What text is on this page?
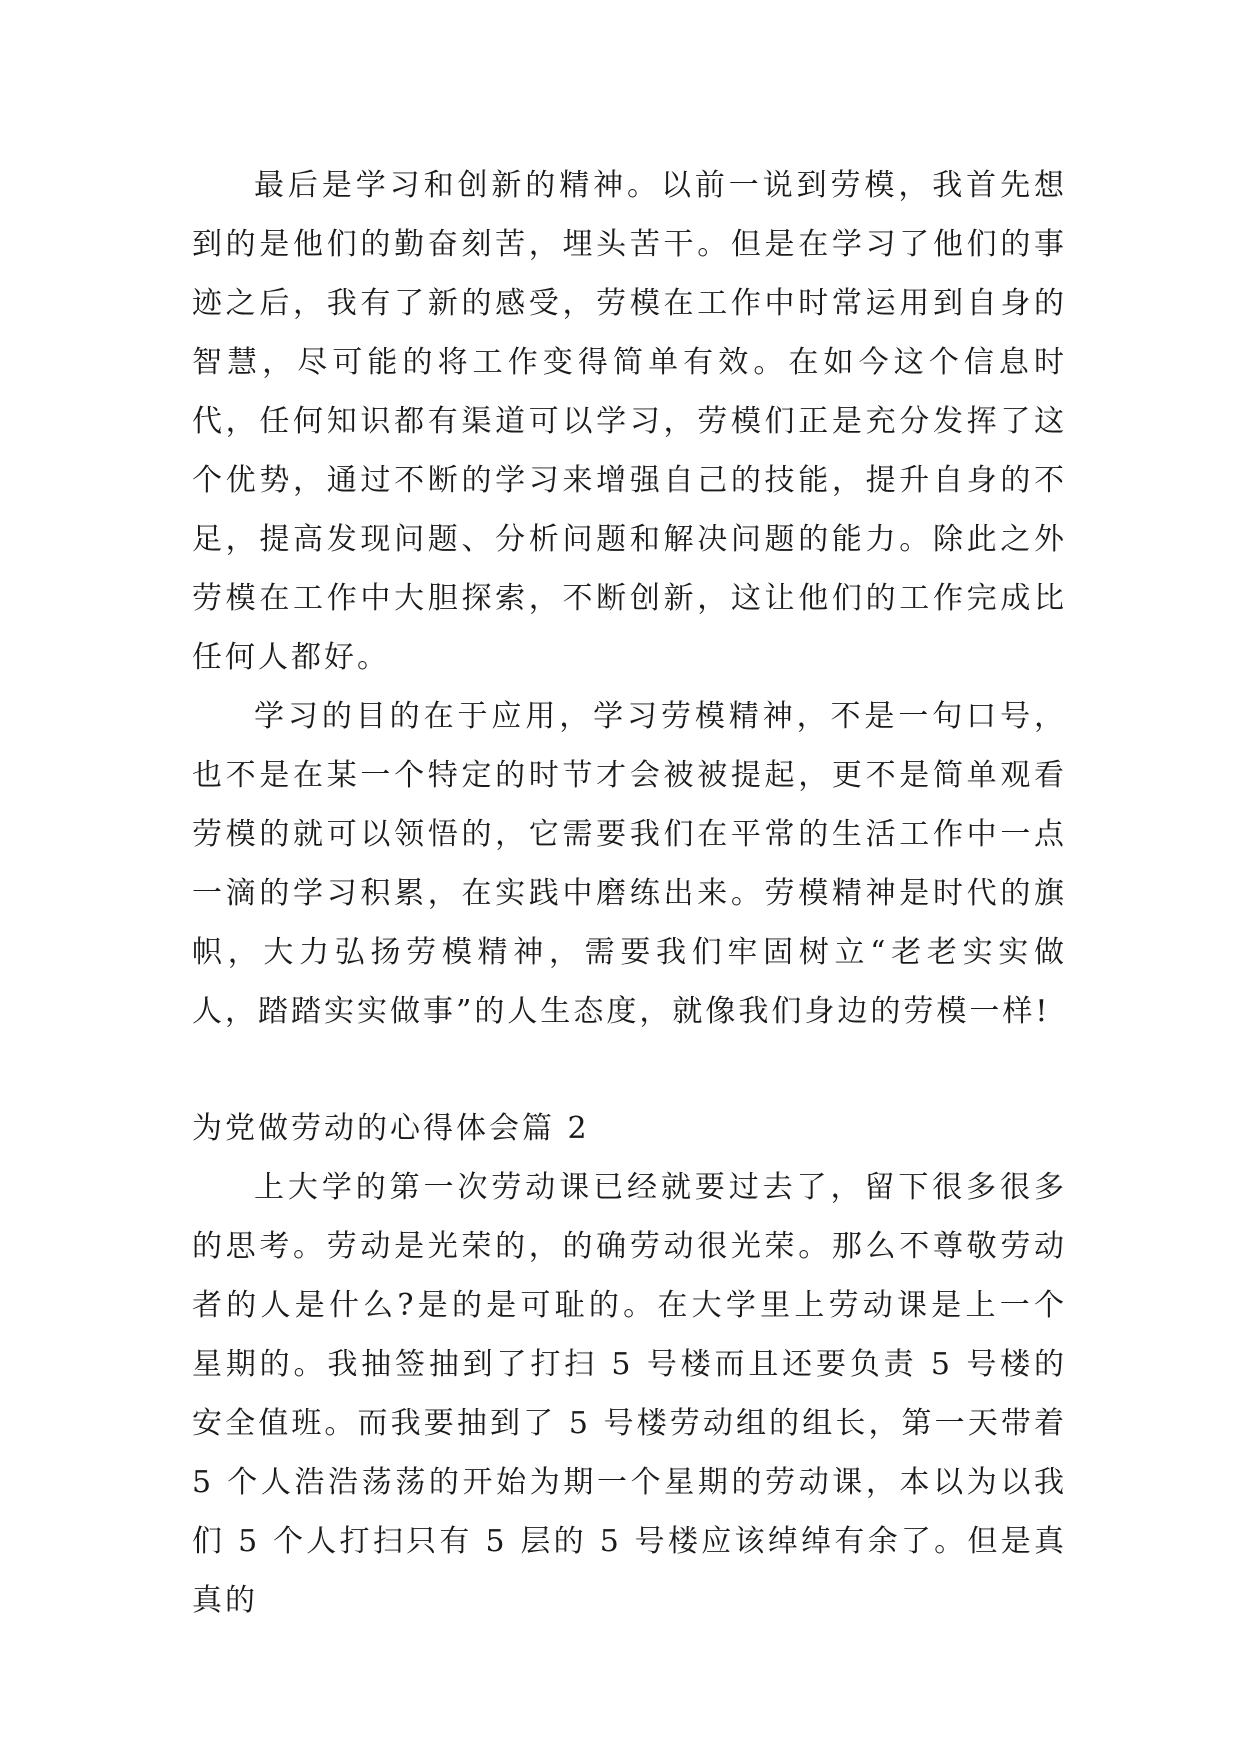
最后是学习和创新的精神。以前一说到劳模，我首先想到的是他们的勤奋刻苦，埋头苦干。但是在学习了他们的事迹之后，我有了新的感受，劳模在工作中时常运用到自身的智慧，尽可能的将工作变得简单有效。在如今这个信息时代，任何知识都有渠道可以学习，劳模们正是充分发挥了这个优势，通过不断的学习来增强自己的技能，提升自身的不足，提高发现问题、分析问题和解决问题的能力。除此之外劳模在工作中大胆探索，不断创新，这让他们的工作完成比任何人都好。

学习的目的在于应用，学习劳模精神，不是一句口号，也不是在某一个特定的时节才会被被提起，更不是简单观看劳模的就可以领悟的，它需要我们在平常的生活工作中一点一滴的学习积累，在实践中磨练出来。劳模精神是时代的旗帜，大力弘扬劳模精神，需要我们牢固树立“老老实实做人，踏踏实实做事”的人生态度，就像我们身边的劳模一样!

为党做劳动的心得体会篇 2

上大学的第一次劳动课已经就要过去了，留下很多很多的思考。劳动是光荣的，的确劳动很光荣。那么不尊敬劳动者的人是什么?是的是可耻的。在大学里上劳动课是上一个星期的。我抽签抽到了打扫 5 号楼而且还要负责 5 号楼的安全值班。而我要抽到了 5 号楼劳动组的组长，第一天带着 5 个人浩浩荡荡的开始为期一个星期的劳动课，本以为以我们 5 个人打扫只有 5 层的 5 号楼应该绰绰有余了。但是真真的
